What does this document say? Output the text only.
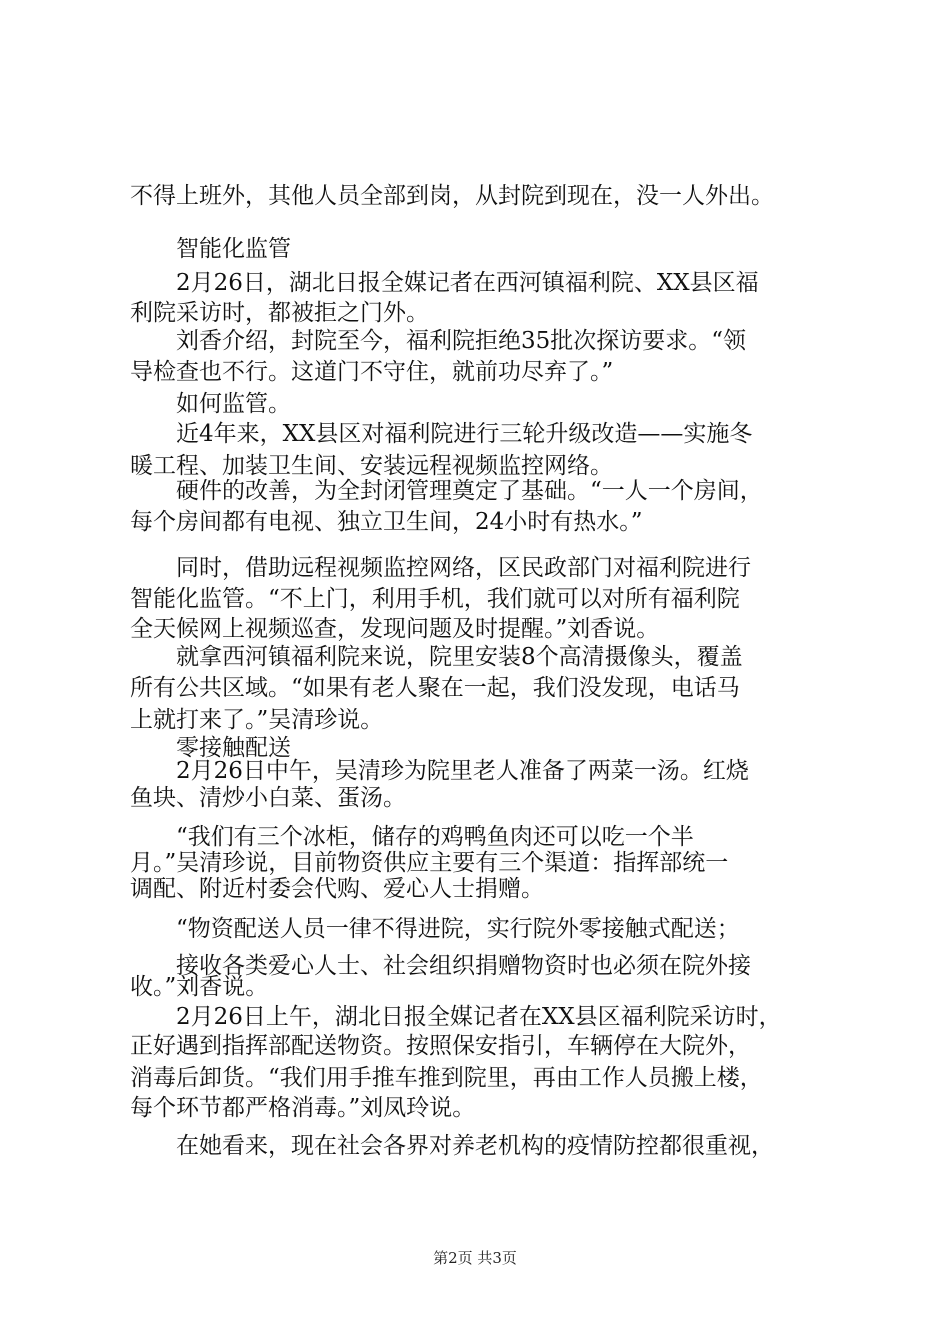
不得上班外，其他人员全部到岗，从封院到现在，没一人外出。
　　智能化监管
　　2月26日，湖北日报全媒记者在西河镇福利院、XX县区福
利院采访时，都被拒之门外。
　　刘香介绍，封院至今，福利院拒绝35批次探访要求。“领
导检查也不行。这道门不守住，就前功尽弃了。”
　　如何监管。
　　近4年来，XX县区对福利院进行三轮升级改造——实施冬
暖工程、加装卫生间、安装远程视频监控网络。
　　硬件的改善，为全封闭管理奠定了基础。“一人一个房间，
每个房间都有电视、独立卫生间，24小时有热水。”
　　同时，借助远程视频监控网络，区民政部门对福利院进行
智能化监管。“不上门，利用手机，我们就可以对所有福利院
全天候网上视频巡查，发现问题及时提醒。”刘香说。
　　就拿西河镇福利院来说，院里安装8个高清摄像头，覆盖
所有公共区域。“如果有老人聚在一起，我们没发现，电话马
上就打来了。”吴清珍说。
　　零接触配送
　　2月26日中午，吴清珍为院里老人准备了两菜一汤。红烧
鱼块、清炒小白菜、蛋汤。
　　“我们有三个冰柜，储存的鸡鸭鱼肉还可以吃一个半
月。”吴清珍说，目前物资供应主要有三个渠道：指挥部统一
调配、附近村委会代购、爱心人士捐赠。
　　“物资配送人员一律不得进院，实行院外零接触式配送；
　　接收各类爱心人士、社会组织捐赠物资时也必须在院外接
收。”刘香说。
　　2月26日上午，湖北日报全媒记者在XX县区福利院采访时，
正好遇到指挥部配送物资。按照保安指引，车辆停在大院外，
消毒后卸货。“我们用手推车推到院里，再由工作人员搬上楼，
每个环节都严格消毒。”刘凤玲说。
　　在她看来，现在社会各界对养老机构的疫情防控都很重视，
第2页 共3页
